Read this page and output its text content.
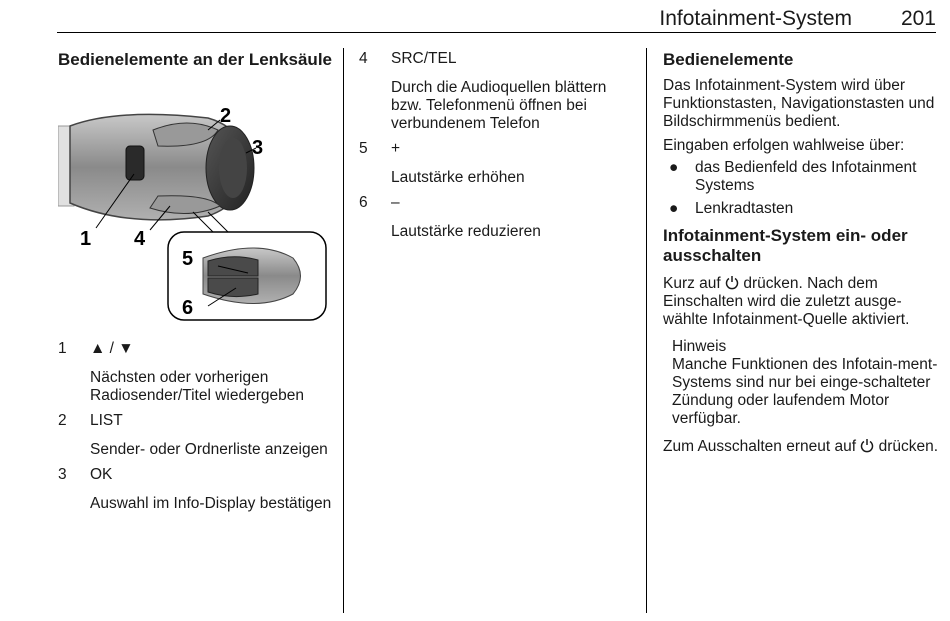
Infotainment-System 201
Bedienelemente an der Lenksäule
2
3
1 4
5
6
1 ▲ / ▼
Nächsten oder vorherigen Radiosender/Titel wiedergeben
2 LIST
Sender- oder Ordnerliste anzeigen
3 OK
Auswahl im Info-Display bestätigen
4 SRC/TEL
Durch die Audioquellen blättern bzw. Telefonmenü öffnen bei verbundenem Telefon
5 +
Lautstärke erhöhen
6 –
Lautstärke reduzieren
Bedienelemente

Das Infotainment-System wird über Funktionstasten, Navigationstasten und Bildschirmmenüs bedient.

Eingaben erfolgen wahlweise über:

● das Bedienfeld des Infotainment Systems
● Lenkradtasten
Infotainment-System ein- oder ausschalten

Kurz auf drücken. Nach dem Einschalten wird die zuletzt ausge-wählte Infotainment-Quelle aktiviert.

Hinweis
Manche Funktionen des Infotain-ment-Systems sind nur bei einge-schalteter Zündung oder laufendem Motor verfügbar.

Zum Ausschalten erneut auf drücken.
